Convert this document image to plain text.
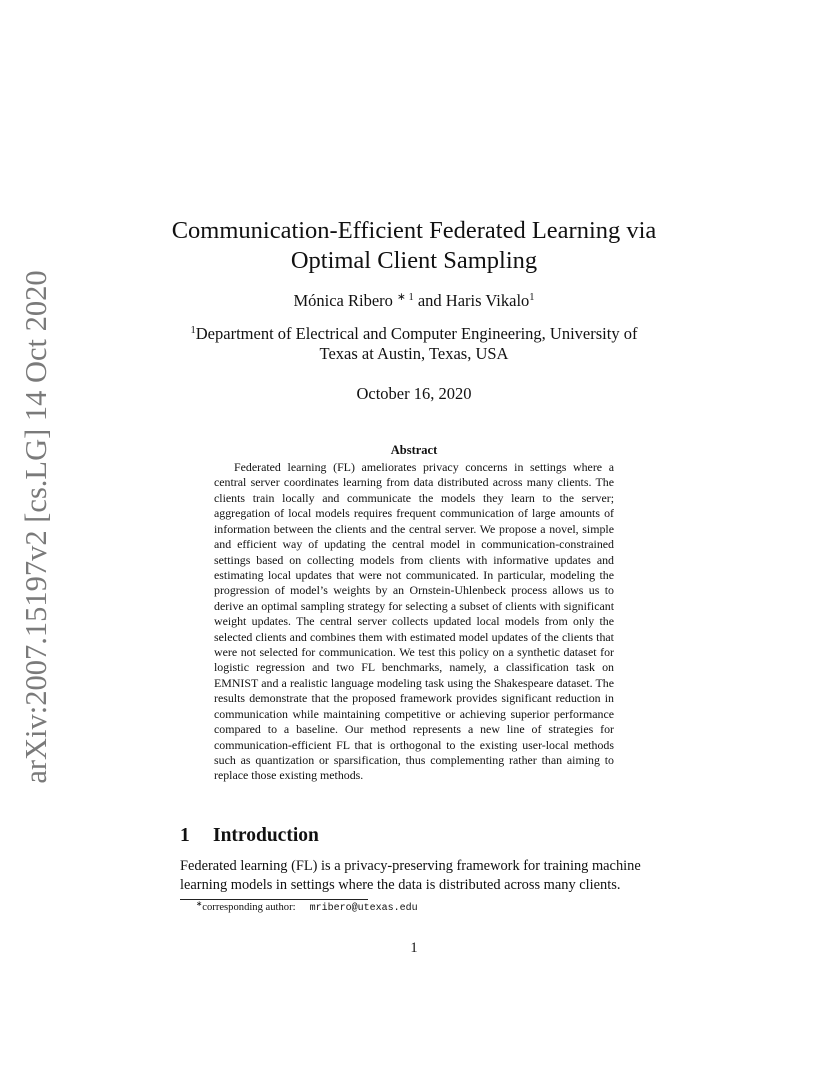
arXiv:2007.15197v2 [cs.LG] 14 Oct 2020
Communication-Efficient Federated Learning via
Optimal Client Sampling
Mónica Ribero $^{∗ 1}$ and Haris Vikalo$^1$
$^1$Department of Electrical and Computer Engineering, University of
Texas at Austin, Texas, USA
October 16, 2020
Abstract
Federated learning (FL) ameliorates privacy concerns in settings where a central server coordinates learning from data distributed across many clients. The clients train locally and communicate the models they learn to the server; aggregation of local models requires frequent communication of large amounts of information between the clients and the central server. We propose a novel, simple and efficient way of updating the central model in communication-constrained settings based on collecting models from clients with informative updates and estimating local updates that were not communicated. In particular, modeling the progression of model’s weights by an Ornstein-Uhlenbeck process allows us to derive an optimal sampling strategy for selecting a subset of clients with significant weight updates. The central server collects updated local models from only the selected clients and combines them with estimated model updates of the clients that were not selected for communication. We test this policy on a synthetic dataset for logistic regression and two FL benchmarks, namely, a classification task on EMNIST and a realistic language modeling task using the Shakespeare dataset. The results demonstrate that the proposed framework provides significant reduction in communication while maintaining competitive or achieving superior performance compared to a baseline. Our method represents a new line of strategies for communication-efficient FL that is orthogonal to the existing user-local methods such as quantization or sparsification, thus complementing rather than aiming to replace those existing methods.
1 Introduction
Federated learning (FL) is a privacy-preserving framework for training machine
learning models in settings where the data is distributed across many clients.
∗corresponding author: mribero@utexas.edu
1
